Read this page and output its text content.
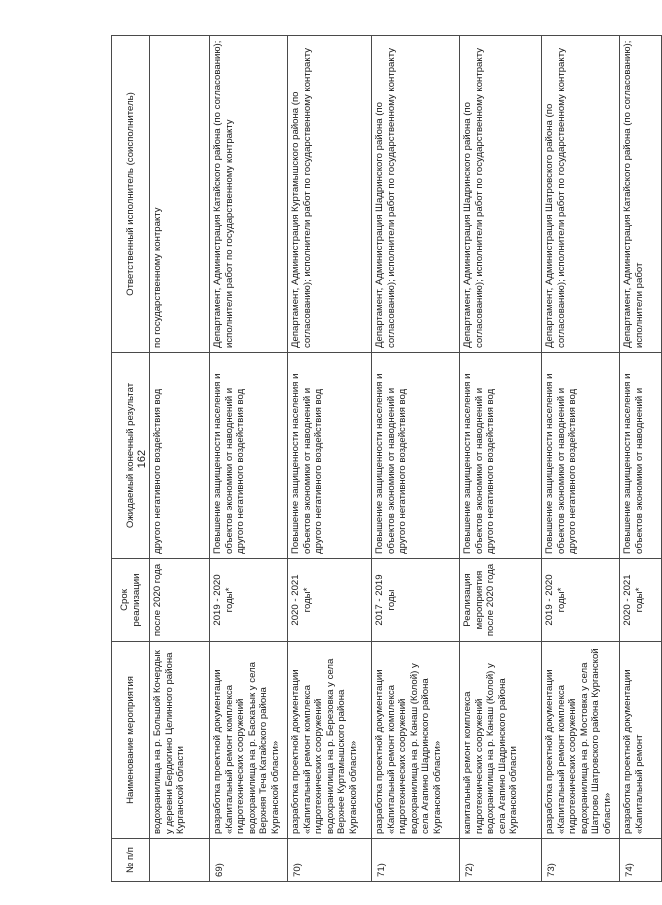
162
№ п/п	Наименование мероприятия	Срок реализации	Ожидаемый конечный результат	Ответственный исполнитель (соисполнитель)
	водохранилища на р. Большой Кочердык у деревни Бердюгино Целинного района Курганской области	после 2020 года	другого негативного воздействия вод	по государственному контракту
69)	разработка проектной документации «Капитальный ремонт комплекса гидротехнических сооружений водохранилища на р. Баскаъык у села Верхняя Теча Катайского района Курганской области»	2019 - 2020 годы*	Повышение защищенности населения и объектов экономики от наводнений и другого негативного воздействия вод	Департамент, Администрация Катайского района (по согласованию); исполнители работ по государственному контракту
70)	разработка проектной документации «Капитальный ремонт комплекса гидротехнических сооружений водохранилища на р. Березовка у села Верхнее Куртамышского района Курганской области»	2020 - 2021 годы*	Повышение защищенности населения и объектов экономики от наводнений и другого негативного воздействия вод	Департамент, Администрация Куртамышского района (по согласованию); исполнители работ по государственному контракту
71)	разработка проектной документации «Капитальный ремонт комплекса гидротехнических сооружений водохранилища на р. Канаш (Колой) у села Агапино Шадринского района Курганской области»	2017 - 2019 годы	Повышение защищенности населения и объектов экономики от наводнений и другого негативного воздействия вод	Департамент, Администрация Шадринского района (по согласованию); исполнители работ по государственному контракту
72)	капитальный ремонт комплекса гидротехнических сооружений водохранилища на р. Канаш (Колой) у села Агапино Шадринского района Курганской области	Реализация мероприятия после 2020 года	Повышение защищенности населения и объектов экономики от наводнений и другого негативного воздействия вод	Департамент, Администрация Шадринского района (по согласованию); исполнители работ по государственному контракту
73)	разработка проектной документации «Капитальный ремонт комплекса гидротехнических сооружений водохранилища на р. Мостовка у села Шатрово Шатровского района Курганской области»	2019 - 2020 годы*	Повышение защищенности населения и объектов экономики от наводнений и другого негативного воздействия вод	Департамент, Администрация Шатровского района (по согласованию); исполнители работ по государственному контракту
74)	разработка проектной документации «Капитальный ремонт	2020 - 2021 годы*	Повышение защищенности населения и объектов экономики от наводнений и	Департамент, Администрация Катайского района (по согласованию); исполнители работ
